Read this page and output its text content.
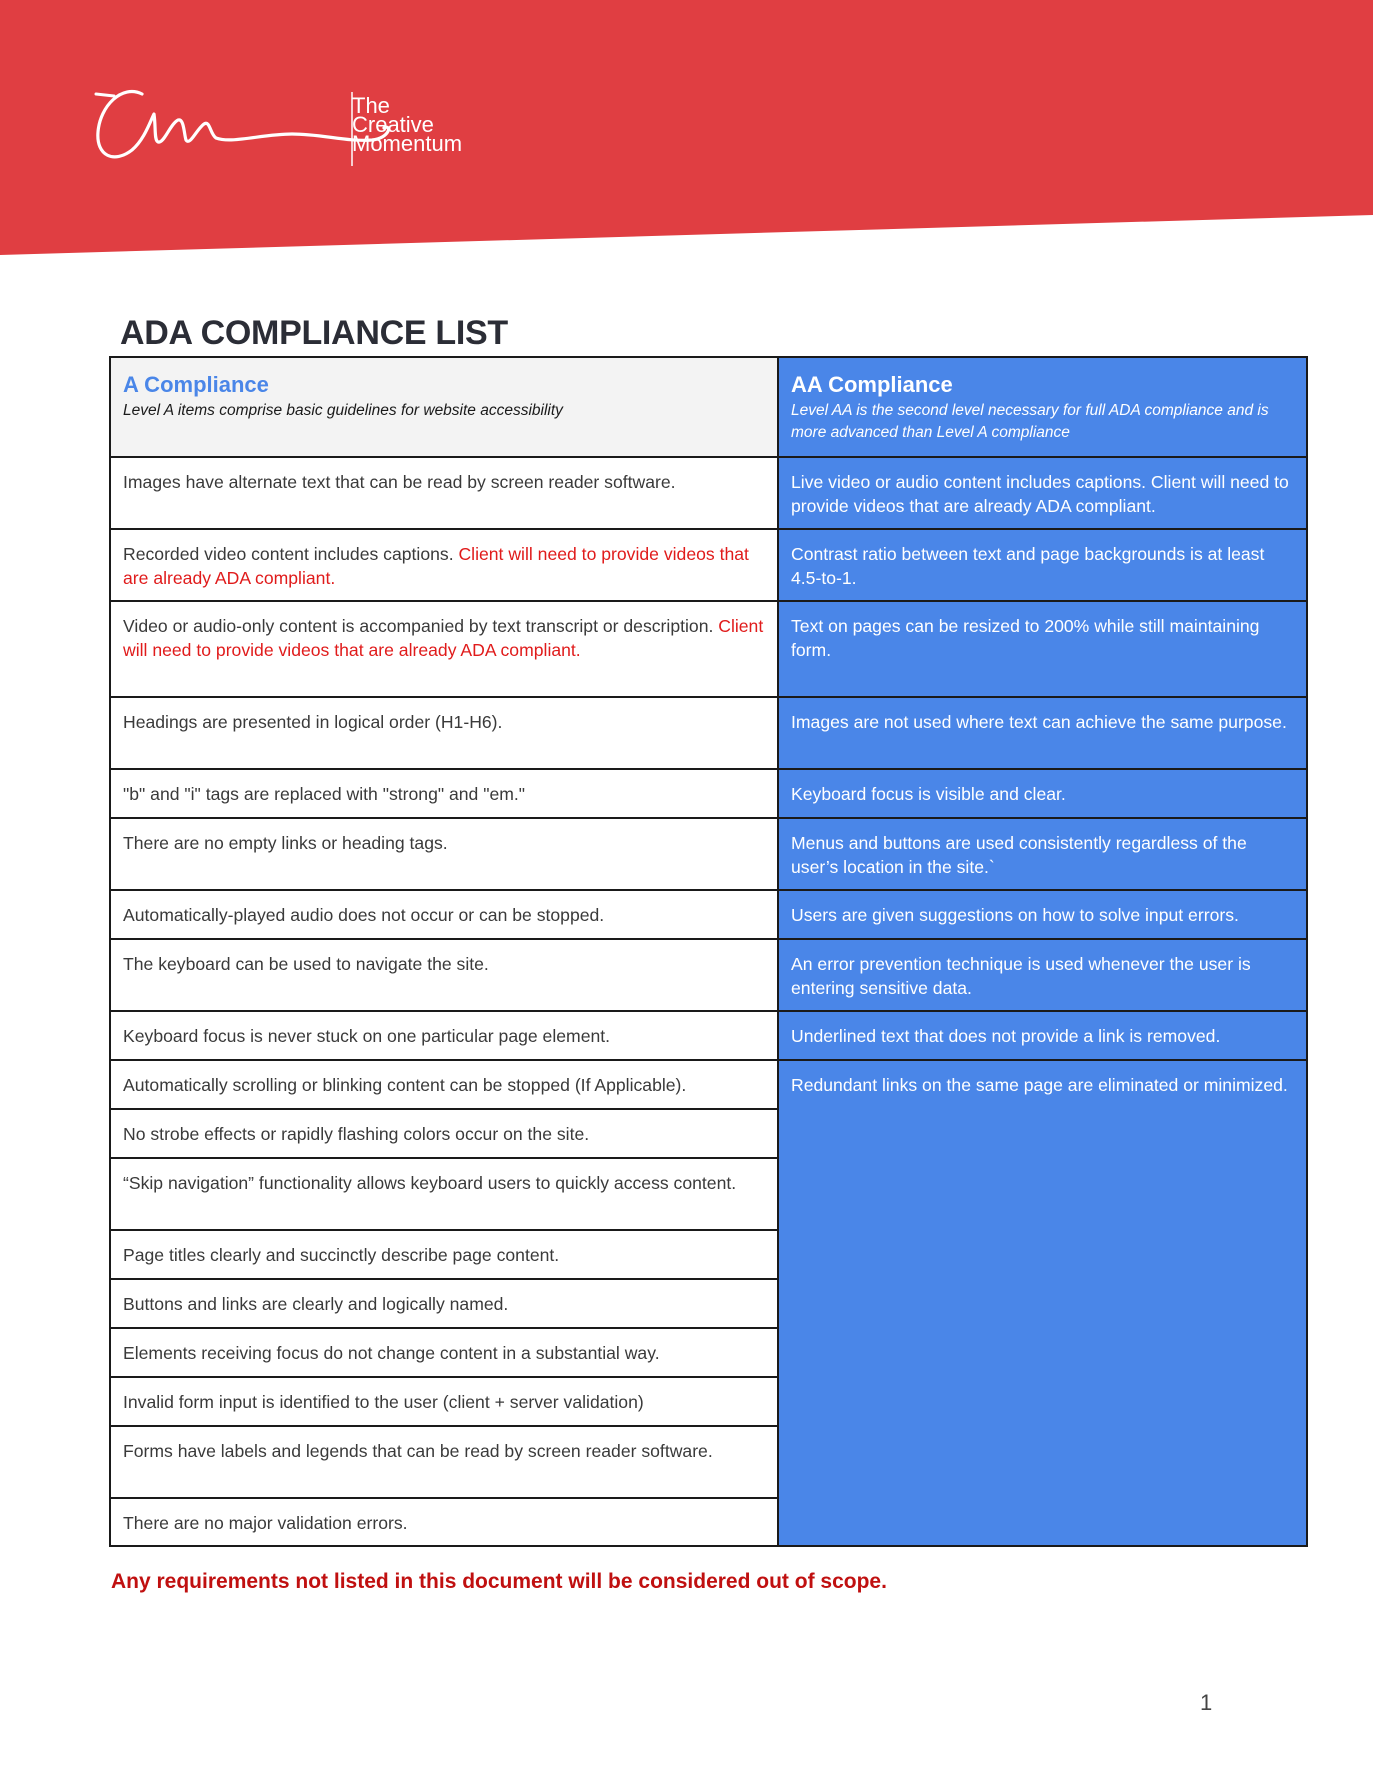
The
Creative
Momentum
ADA COMPLIANCE LIST
A Compliance
Level A items comprise basic guidelines for website accessibility
Images have alternate text that can be read by screen reader software.
Recorded video content includes captions. Client will need to provide videos that are already ADA compliant.
Video or audio-only content is accompanied by text transcript or description. Client will need to provide videos that are already ADA compliant.
Headings are presented in logical order (H1-H6).
"b" and "i" tags are replaced with "strong" and "em."
There are no empty links or heading tags.
Automatically-played audio does not occur or can be stopped.
The keyboard can be used to navigate the site.
Keyboard focus is never stuck on one particular page element.
Automatically scrolling or blinking content can be stopped (If Applicable).
No strobe effects or rapidly flashing colors occur on the site.
“Skip navigation” functionality allows keyboard users to quickly access content.
Page titles clearly and succinctly describe page content.
Buttons and links are clearly and logically named.
Elements receiving focus do not change content in a substantial way.
Invalid form input is identified to the user (client + server validation)
Forms have labels and legends that can be read by screen reader software.
There are no major validation errors.
AA Compliance
Level AA is the second level necessary for full ADA compliance and is more advanced than Level A compliance
Live video or audio content includes captions. Client will need to provide videos that are already ADA compliant.
Contrast ratio between text and page backgrounds is at least 4.5-to-1.
Text on pages can be resized to 200% while still maintaining form.
Images are not used where text can achieve the same purpose.
Keyboard focus is visible and clear.
Menus and buttons are used consistently regardless of the user’s location in the site.`
Users are given suggestions on how to solve input errors.
An error prevention technique is used whenever the user is entering sensitive data.
Underlined text that does not provide a link is removed.
Redundant links on the same page are eliminated or minimized.

Any requirements not listed in this document will be considered out of scope.

1
